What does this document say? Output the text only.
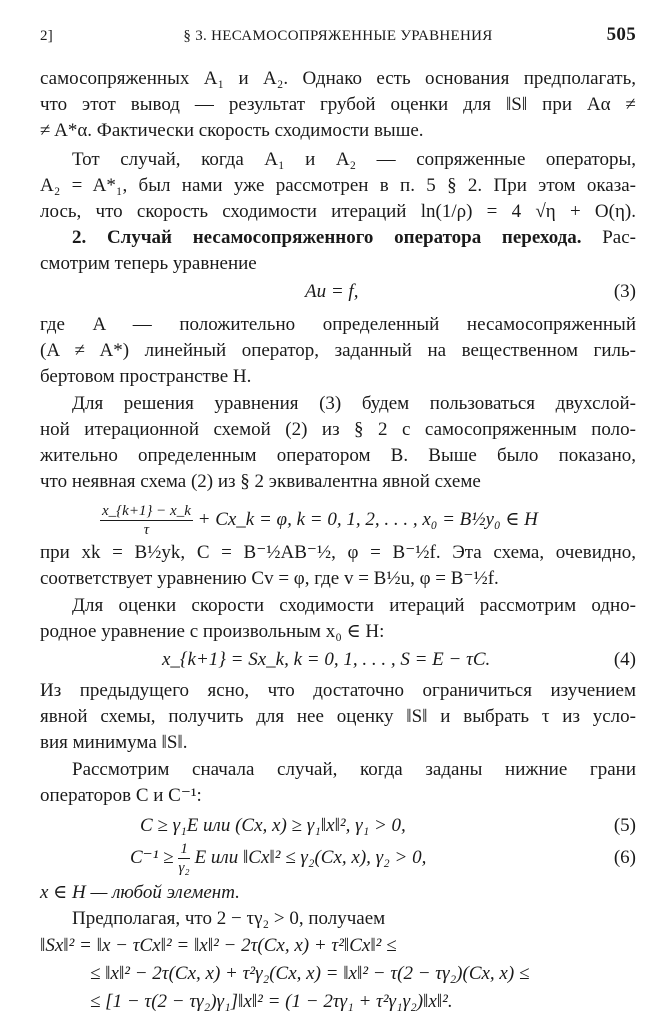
2]	§ 3. НЕСАМОСОПРЯЖЕННЫЕ УРАВНЕНИЯ	505
самосопряженных A₁ и A₂. Однако есть основания предполагать,
что этот вывод — результат грубой оценки для ‖S‖ при Aα ≠
≠ A*α. Фактически скорость сходимости выше.
Тот случай, когда A₁ и A₂ — сопряженные операторы,
A₂ = A*₁, был нами уже рассмотрен в п. 5 § 2. При этом оказа-
лось, что скорость сходимости итераций ln(1/ρ) = 4 √η + O(η).
2. Случай несамосопряженного оператора перехода. Рас-
смотрим теперь уравнение
Au = f,	(3)
где A — положительно определенный несамосопряженный
(A ≠ A*) линейный оператор, заданный на вещественном гиль-
бертовом пространстве H.
Для решения уравнения (3) будем пользоваться двухслой-
ной итерационной схемой (2) из § 2 с самосопряженным поло-
жительно определенным оператором B. Выше было показано,
что неявная схема (2) из § 2 эквивалентна явной схеме
$\frac{x\_\{k+1\} - x\_k}{\tau}$ + Cx_k = φ, k = 0, 1, 2, . . . , x₀ = B½y₀ ∈ H
при xk = B½yk, C = B⁻½AB⁻½, φ = B⁻½f. Эта схема, очевидно,
соответствует уравнению Cv = φ, где v = B½u, φ = B⁻½f.
Для оценки скорости сходимости итераций рассмотрим одно-
родное уравнение с произвольным x₀ ∈ H:
x_{k+1} = Sx_k, k = 0, 1, . . . , S = E − τC.	(4)
Из предыдущего ясно, что достаточно ограничиться изучением
явной схемы, получить для нее оценку ‖S‖ и выбрать τ из усло-
вия минимума ‖S‖.
Рассмотрим сначала случай, когда заданы нижние грани
операторов C и C⁻¹:
C ≥ γ₁E или (Cx, x) ≥ γ₁‖x‖², γ₁ > 0,	(5)
$C^{-1} \ge \frac{1}{\text{γ₂}}$ E или ‖Cx‖² ≤ γ₂(Cx, x), γ₂ > 0,	(6)
x ∈ H — любой элемент.
Предполагая, что 2 − τγ₂ > 0, получаем
‖Sx‖² = ‖x − τCx‖² = ‖x‖² − 2τ(Cx, x) + τ²‖Cx‖² ≤
≤ ‖x‖² − 2τ(Cx, x) + τ²γ₂(Cx, x) = ‖x‖² − τ(2 − τγ₂)(Cx, x) ≤
≤ [1 − τ(2 − τγ₂)γ₁]‖x‖² = (1 − 2τγ₁ + τ²γ₁γ₂)‖x‖².
